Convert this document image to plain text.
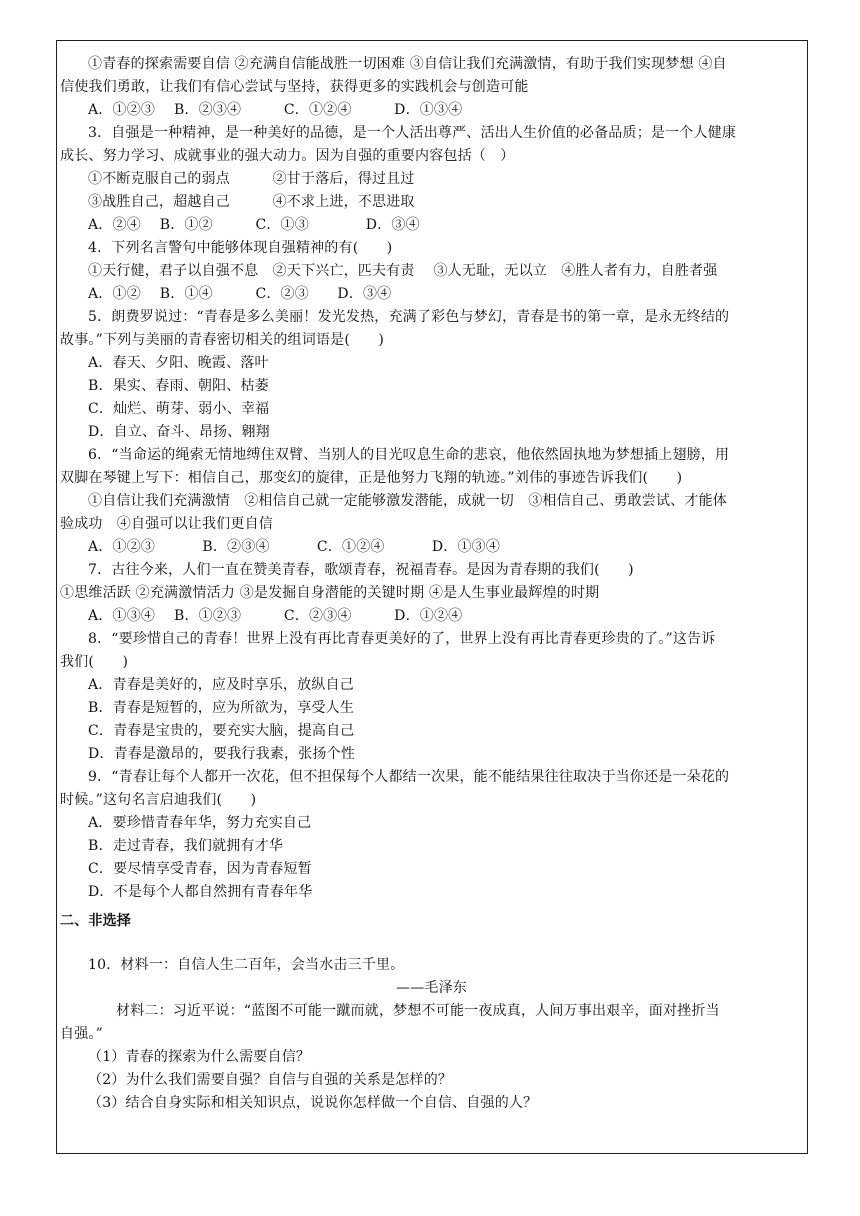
①青春的探索需要自信 ②充满自信能战胜一切困难 ③自信让我们充满激情，有助于我们实现梦想 ④自
信使我们勇敢，让我们有信心尝试与坚持，获得更多的实践机会与创造可能
A．①②③　 B．②③④　　　C．①②④　　　D．①③④
3．自强是一种精神，是一种美好的品德，是一个人活出尊严、活出人生价值的必备品质；是一个人健康
成长、努力学习、成就事业的强大动力。因为自强的重要内容包括（　）
①不断克服自己的弱点　　　②甘于落后，得过且过
③战胜自己，超越自己　　　④不求上进，不思进取
A．②④　 B．①②　　　C．①③　　　　D．③④
4．下列名言警句中能够体现自强精神的有(　　)
①天行健，君子以自强不息　②天下兴亡，匹夫有责　 ③人无耻，无以立　④胜人者有力，自胜者强
A．①②　 B．①④　　　C．②③　　D．③④
5．朗费罗说过：“青春是多么美丽！发光发热，充满了彩色与梦幻，青春是书的第一章，是永无终结的
故事。”下列与美丽的青春密切相关的组词语是(　　)
A．春天、夕阳、晚霞、落叶
B．果实、春雨、朝阳、枯萎
C．灿烂、萌芽、弱小、幸福
D．自立、奋斗、昂扬、翱翔
6．“当命运的绳索无情地缚住双臂、当别人的目光叹息生命的悲哀，他依然固执地为梦想插上翅膀，用
双脚在琴键上写下：相信自己，那变幻的旋律，正是他努力飞翔的轨迹。”刘伟的事迹告诉我们(　　)
①自信让我们充满激情　②相信自己就一定能够激发潜能，成就一切　③相信自己、勇敢尝试、才能体
验成功　④自强可以让我们更自信
A．①②③　　　 B．②③④　　　 C．①②④　　　 D．①③④
7．古往今来，人们一直在赞美青春，歌颂青春，祝福青春。是因为青春期的我们(　　)
①思维活跃 ②充满激情活力 ③是发掘自身潜能的关键时期 ④是人生事业最辉煌的时期
A．①③④　 B．①②③　　　C．②③④　　　D．①②④
8．“要珍惜自己的青春！世界上没有再比青春更美好的了，世界上没有再比青春更珍贵的了。”这告诉
我们(　　)
A．青春是美好的，应及时享乐，放纵自己
B．青春是短暂的，应为所欲为，享受人生
C．青春是宝贵的，要充实大脑，提高自己
D．青春是激昂的，要我行我素，张扬个性
9．“青春让每个人都开一次花，但不担保每个人都结一次果，能不能结果往往取决于当你还是一朵花的
时候。”这句名言启迪我们(　　)
A．要珍惜青春年华，努力充实自己
B．走过青春，我们就拥有才华
C．要尽情享受青春，因为青春短暂
D．不是每个人都自然拥有青春年华
二、非选择
10．材料一：自信人生二百年，会当水击三千里。
——毛泽东
材料二：习近平说：“蓝图不可能一蹴而就，梦想不可能一夜成真，人间万事出艰辛，面对挫折当
自强。”
（1）青春的探索为什么需要自信？
（2）为什么我们需要自强？自信与自强的关系是怎样的？
（3）结合自身实际和相关知识点，说说你怎样做一个自信、自强的人？
